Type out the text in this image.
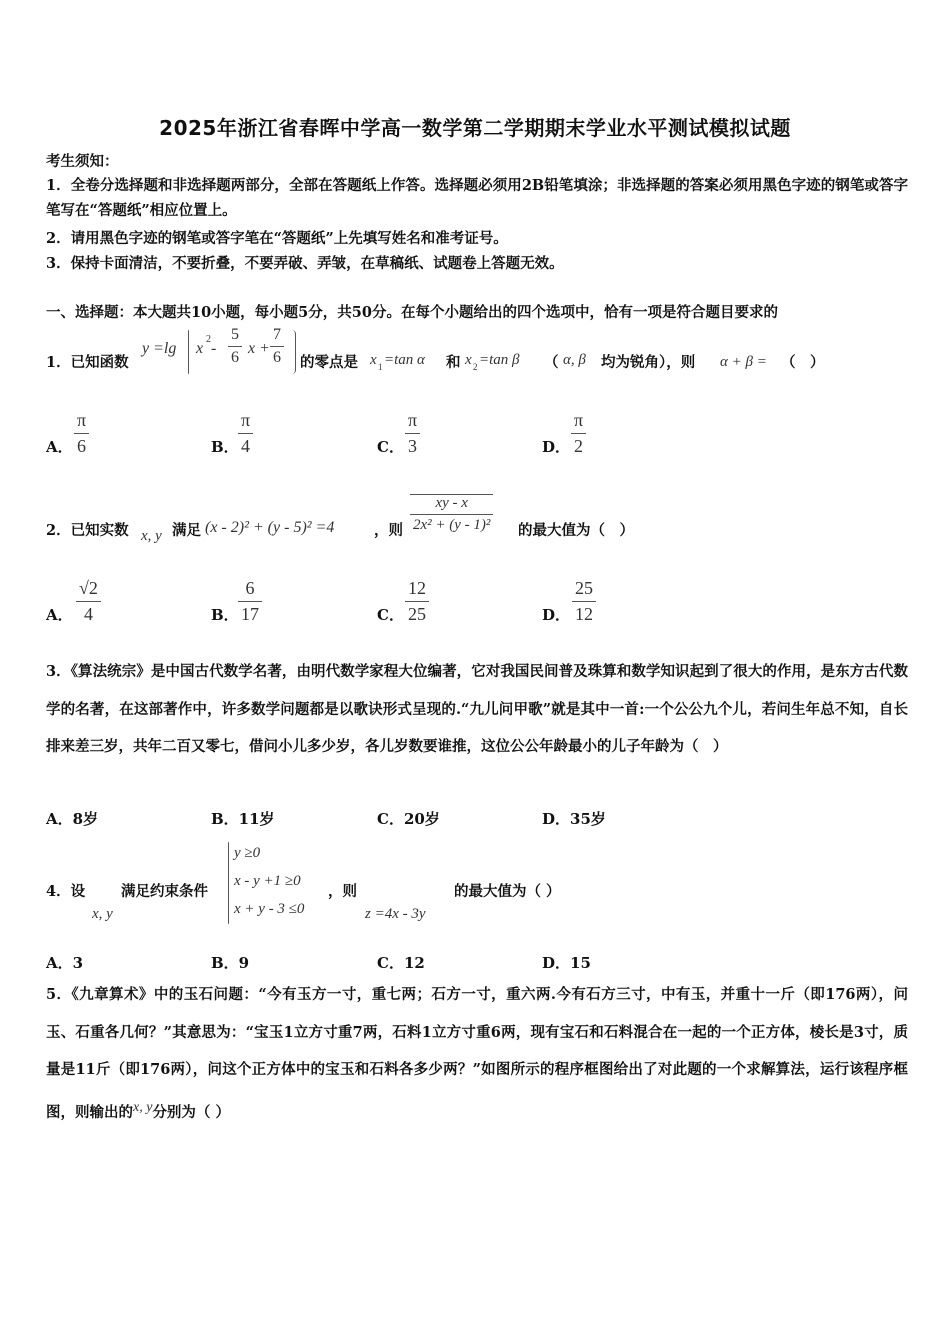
2025年浙江省春晖中学高一数学第二学期期末学业水平测试模拟试题
考生须知：
1．全卷分选择题和非选择题两部分，全部在答题纸上作答。选择题必须用2B铅笔填涂；非选择题的答案必须用黑色字迹的钢笔或答字笔写在“答题纸”相应位置上。
2．请用黑色字迹的钢笔或答字笔在“答题纸”上先填写姓名和准考证号。
3．保持卡面清洁，不要折叠，不要弄破、弄皱，在草稿纸、试题卷上答题无效。
一、选择题：本大题共10小题，每小题5分，共50分。在每个小题给出的四个选项中，恰有一项是符合题目要求的
1．已知函数
y =lg x
2
- $\frac{5}{6}$ $x + \frac{7}{6}$ 的零点是 x 1 =tan α 和 x 2 =tan β （ α, β 均为锐角），则 α + β = （　）
A． $\frac{\pi}{6}$	B． $\frac{\pi}{4}$	C． $\frac{\pi}{3}$	D． $\frac{\pi}{2}$
2．已知实数 x, y 满足 (x - 2)² + (y - 5)² =4	，则 $\frac{xy - x}{\text{2x² + (y - 1)²}}$ 的最大值为（　）
A． $\frac{√2}{4}$	B． $\frac{6}{17}$	C． $\frac{12}{25}$	D． $\frac{25}{12}$
3．《算法统宗》是中国古代数学名著，由明代数学家程大位编著，它对我国民间普及珠算和数学知识起到了很大的作用，是东方古代数学的名著，在这部著作中，许多数学问题都是以歌诀形式呈现的.“九儿问甲歌”就是其中一首:一个公公九个儿，若问生年总不知，自长排来差三岁，共年二百又零七，借问小儿多少岁，各儿岁数要谁推，这位公公年龄最小的儿子年龄为（　）
A．8岁	B．11岁	C．20岁	D．35岁
4．设 满足约束条件
x, y
y ≥0
x - y +1 ≥0
x + y - 3 ≤0
，则
z =4x - 3y
的最大值为（ ）
A．3	B．9	C．12	D．15
5．《九章算术》中的玉石问题：“今有玉方一寸，重七两；石方一寸，重六两.今有石方三寸，中有玉，并重十一斤（即176两），问玉、石重各几何？”其意思为：“宝玉1立方寸重7两，石料1立方寸重6两，现有宝石和石料混合在一起的一个正方体，棱长是3寸，质量是11斤（即176两），问这个正方体中的宝玉和石料各多少两？”如图所示的程序框图给出了对此题的一个求解算法，运行该程序框图，则输出的x, y分别为（ ）
